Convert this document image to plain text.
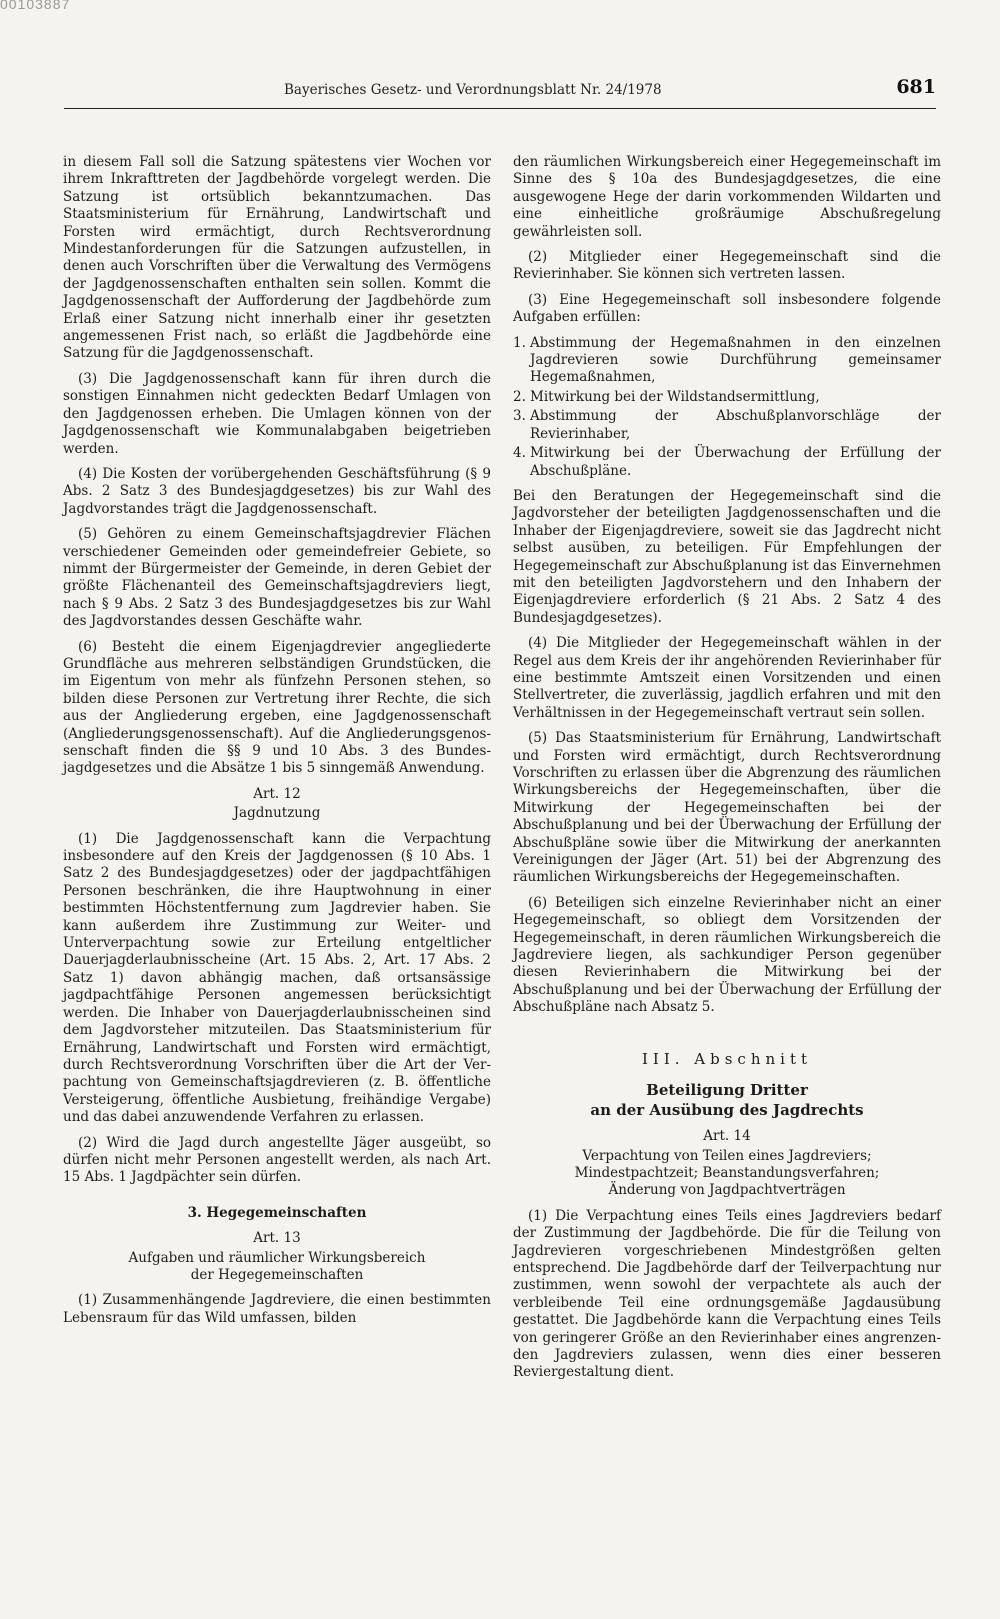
00103887
Bayerisches Gesetz- und Verordnungsblatt Nr. 24/1978	681

in diesem Fall soll die Satzung spätestens vier Wochen vor ihrem Inkrafttreten der Jagdbehörde vorgelegt werden. Die Satzung ist ortsüblich bekanntzumachen. Das Staatsministerium für Ernährung, Landwirtschaft und Forsten wird ermächtigt, durch Rechtsverordnung Mindestanforderungen für die Satzungen aufzustellen, in denen auch Vorschriften über die Verwaltung des Vermögens der Jagdgenossenschaften enthalten sein sollen. Kommt die Jagdgenossenschaft der Aufforderung der Jagdbehörde zum Erlaß einer Satzung nicht innerhalb einer ihr gesetzten angemessenen Frist nach, so erläßt die Jagdbehörde eine Satzung für die Jagdgenossenschaft.

(3) Die Jagdgenossenschaft kann für ihren durch die sonstigen Einnahmen nicht gedeckten Bedarf Umlagen von den Jagdgenossen erheben. Die Umlagen können von der Jagdgenossenschaft wie Kommunalabgaben beigetrieben werden.

(4) Die Kosten der vorübergehenden Geschäftsführung (§ 9 Abs. 2 Satz 3 des Bundesjagdgesetzes) bis zur Wahl des Jagdvorstandes trägt die Jagdgenossenschaft.

(5) Gehören zu einem Gemeinschaftsjagdrevier Flächen verschiedener Gemeinden oder gemeindefreier Gebiete, so nimmt der Bürgermeister der Gemeinde, in deren Gebiet der größte Flächenanteil des Gemeinschaftsjagdreviers liegt, nach § 9 Abs. 2 Satz 3 des Bundesjagdgesetzes bis zur Wahl des Jagdvorstandes dessen Geschäfte wahr.

(6) Besteht die einem Eigenjagdrevier angegliederte Grundfläche aus mehreren selbständigen Grundstücken, die im Eigentum von mehr als fünfzehn Personen stehen, so bilden diese Personen zur Vertretung ihrer Rechte, die sich aus der Angliederung ergeben, eine Jagdgenossenschaft (Angliederungsgenossenschaft). Auf die Angliederungsgenossenschaft finden die §§ 9 und 10 Abs. 3 des Bundesjagdgesetzes und die Absätze 1 bis 5 sinngemäß Anwendung.

Art. 12
Jagdnutzung

(1) Die Jagdgenossenschaft kann die Verpachtung insbesondere auf den Kreis der Jagdgenossen (§ 10 Abs. 1 Satz 2 des Bundesjagdgesetzes) oder der jagdpachtfähigen Personen beschränken, die ihre Hauptwohnung in einer bestimmten Höchstentfernung zum Jagdrevier haben. Sie kann außerdem ihre Zustimmung zur Weiter- und Unterverpachtung sowie zur Erteilung entgeltlicher Dauerjagderlaubnisscheine (Art. 15 Abs. 2, Art. 17 Abs. 2 Satz 1) davon abhängig machen, daß ortsansässige jagdpachtfähige Personen angemessen berücksichtigt werden. Die Inhaber von Dauerjagderlaubnisscheinen sind dem Jagdvorsteher mitzuteilen. Das Staatsministerium für Ernährung, Landwirtschaft und Forsten wird ermächtigt, durch Rechtsverordnung Vorschriften über die Art der Verpachtung von Gemeinschaftsjagdrevieren (z. B. öffentliche Versteigerung, öffentliche Ausbietung, freihändige Vergabe) und das dabei anzuwendende Verfahren zu erlassen.

(2) Wird die Jagd durch angestellte Jäger ausgeübt, so dürfen nicht mehr Personen angestellt werden, als nach Art. 15 Abs. 1 Jagdpächter sein dürfen.

3. Hegegemeinschaften
Art. 13
Aufgaben und räumlicher Wirkungsbereich der Hegegemeinschaften

(1) Zusammenhängende Jagdreviere, die einen bestimmten Lebensraum für das Wild umfassen, bilden

den räumlichen Wirkungsbereich einer Hegegemeinschaft im Sinne des § 10a des Bundesjagdgesetzes, die eine ausgewogene Hege der darin vorkommenden Wildarten und eine einheitliche großräumige Abschußregelung gewährleisten soll.

(2) Mitglieder einer Hegegemeinschaft sind die Revierinhaber. Sie können sich vertreten lassen.

(3) Eine Hegegemeinschaft soll insbesondere folgende Aufgaben erfüllen:

1. Abstimmung der Hegemaßnahmen in den einzelnen Jagdrevieren sowie Durchführung gemeinsamer Hegemaßnahmen,

2. Mitwirkung bei der Wildstandsermittlung,

3. Abstimmung der Abschußplanvorschläge der Revierinhaber,

4. Mitwirkung bei der Überwachung der Erfüllung der Abschußpläne.

Bei den Beratungen der Hegegemeinschaft sind die Jagdvorsteher der beteiligten Jagdgenossenschaften und die Inhaber der Eigenjagdreviere, soweit sie das Jagdrecht nicht selbst ausüben, zu beteiligen. Für Empfehlungen der Hegegemeinschaft zur Abschußplanung ist das Einvernehmen mit den beteiligten Jagdvorstehern und den Inhabern der Eigenjagdreviere erforderlich (§ 21 Abs. 2 Satz 4 des Bundesjagdgesetzes).

(4) Die Mitglieder der Hegegemeinschaft wählen in der Regel aus dem Kreis der ihr angehörenden Revierinhaber für eine bestimmte Amtszeit einen Vorsitzenden und einen Stellvertreter, die zuverlässig, jagdlich erfahren und mit den Verhältnissen in der Hegegemeinschaft vertraut sein sollen.

(5) Das Staatsministerium für Ernährung, Landwirtschaft und Forsten wird ermächtigt, durch Rechtsverordnung Vorschriften zu erlassen über die Abgrenzung des räumlichen Wirkungsbereichs der Hegegemeinschaften, über die Mitwirkung der Hegegemeinschaften bei der Abschußplanung und bei der Überwachung der Erfüllung der Abschußpläne sowie über die Mitwirkung der anerkannten Vereinigungen der Jäger (Art. 51) bei der Abgrenzung des räumlichen Wirkungsbereichs der Hegegemeinschaften.

(6) Beteiligen sich einzelne Revierinhaber nicht an einer Hegegemeinschaft, so obliegt dem Vorsitzenden der Hegegemeinschaft, in deren räumlichen Wirkungsbereich die Jagdreviere liegen, als sachkundiger Person gegenüber diesen Revierinhabern die Mitwirkung bei der Abschußplanung und bei der Überwachung der Erfüllung der Abschußpläne nach Absatz 5.

III. Abschnitt
Beteiligung Dritter
an der Ausübung des Jagdrechts
Art. 14
Verpachtung von Teilen eines Jagdreviers;
Mindestpachtzeit; Beanstandungsverfahren;
Änderung von Jagdpachtverträgen

(1) Die Verpachtung eines Teils eines Jagdreviers bedarf der Zustimmung der Jagdbehörde. Die für die Teilung von Jagdrevieren vorgeschriebenen Mindestgrößen gelten entsprechend. Die Jagdbehörde darf der Teilverpachtung nur zustimmen, wenn sowohl der verpachtete als auch der verbleibende Teil eine ordnungsgemäße Jagdausübung gestattet. Die Jagdbehörde kann die Verpachtung eines Teils von geringerer Größe an den Revierinhaber eines angrenzenden Jagdreviers zulassen, wenn dies einer besseren Reviergestaltung dient.
